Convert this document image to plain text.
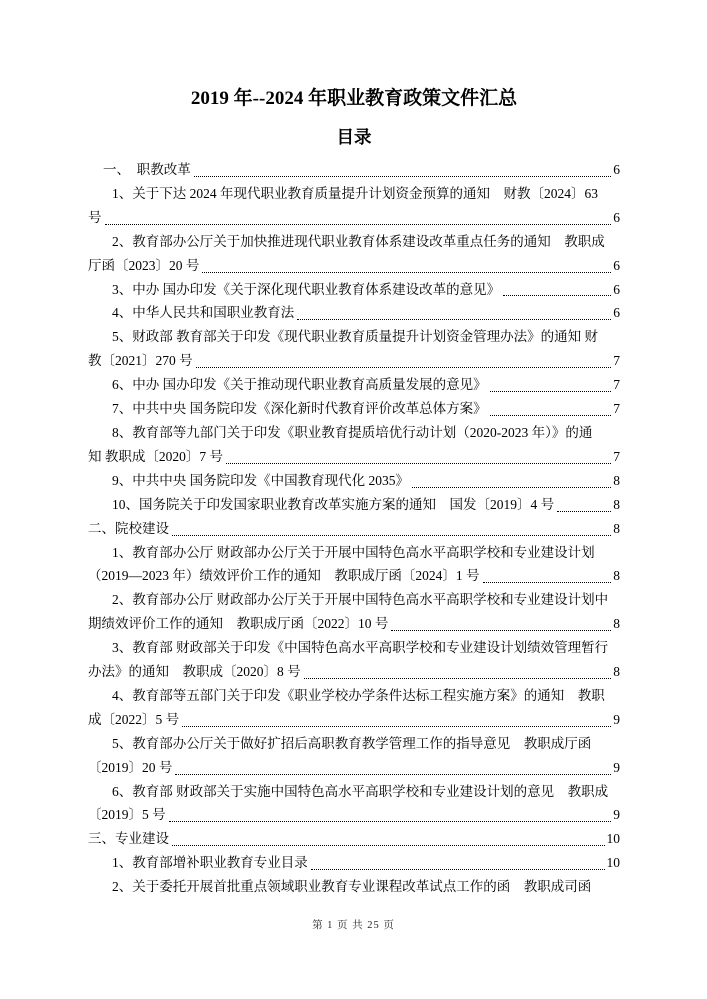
2019 年--2024 年职业教育政策文件汇总
目录
一、　职教改革	6
1、关于下达 2024 年现代职业教育质量提升计划资金预算的通知　财教〔2024〕63
号	6
2、教育部办公厅关于加快推进现代职业教育体系建设改革重点任务的通知　教职成
厅函〔2023〕20 号	6
3、中办 国办印发《关于深化现代职业教育体系建设改革的意见》	6
4、中华人民共和国职业教育法	6
5、财政部 教育部关于印发《现代职业教育质量提升计划资金管理办法》的通知 财
教〔2021〕270 号	7
6、中办 国办印发《关于推动现代职业教育高质量发展的意见》	7
7、中共中央 国务院印发《深化新时代教育评价改革总体方案》	7
8、教育部等九部门关于印发《职业教育提质培优行动计划（2020-2023 年）》的通
知 教职成〔2020〕7 号	7
9、中共中央 国务院印发《中国教育现代化 2035》	8
10、国务院关于印发国家职业教育改革实施方案的通知　国发〔2019〕4 号	8
二、院校建设	8
1、教育部办公厅 财政部办公厅关于开展中国特色高水平高职学校和专业建设计划
（2019—2023 年）绩效评价工作的通知　教职成厅函〔2024〕1 号	8
2、教育部办公厅 财政部办公厅关于开展中国特色高水平高职学校和专业建设计划中
期绩效评价工作的通知　教职成厅函〔2022〕10 号	8
3、教育部 财政部关于印发《中国特色高水平高职学校和专业建设计划绩效管理暂行
办法》的通知　教职成〔2020〕8 号	8
4、教育部等五部门关于印发《职业学校办学条件达标工程实施方案》的通知　教职
成〔2022〕5 号	9
5、教育部办公厅关于做好扩招后高职教育教学管理工作的指导意见　教职成厅函
〔2019〕20 号	9
6、教育部 财政部关于实施中国特色高水平高职学校和专业建设计划的意见　教职成
〔2019〕5 号	9
三、专业建设	10
1、教育部增补职业教育专业目录	10
2、关于委托开展首批重点领域职业教育专业课程改革试点工作的函　教职成司函
第 1 页 共 25 页
